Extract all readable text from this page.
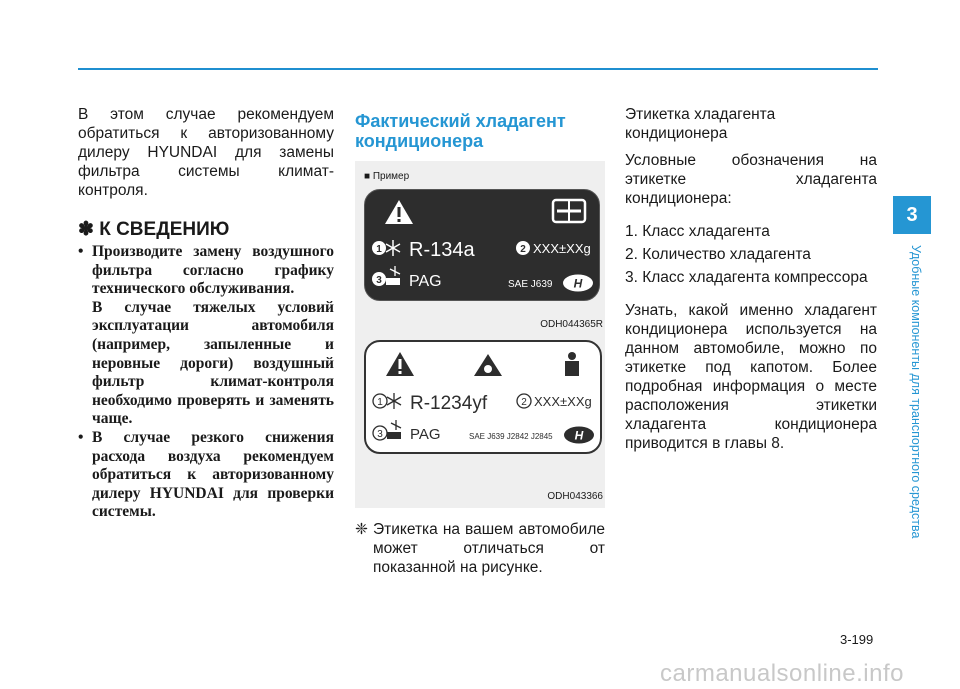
В этом случае рекомендуем обратиться к авторизованному дилеру HYUNDAI для замены фильтра системы климат-контроля.

✽ К СВЕДЕНИЮ
• Производите замену воздушного фильтра согласно графику технического обслуживания.
В случае тяжелых условий эксплуатации автомобиля (например, запыленные и неровные дороги) воздушный фильтр климат-контроля необходимо проверять и заменять чаще.
• В случае резкого снижения расхода воздуха рекомендуем обратиться к авторизованному дилеру HYUNDAI для проверки системы.
Фактический хладагент кондиционера
■ Пример
1 R-134a	2 XXX±XXg
3 PAG	SAE J639 H
ODH044365R
1 R-1234yf	2 XXX±XXg
3 PAG	SAE J639 J2842 J2845 H
ODH043366
❈ Этикетка на вашем автомобиле может отличаться от показанной на рисунке.

Этикетка хладагента кондиционера

Условные обозначения на этикетке хладагента кондиционера:

1. Класс хладагента

2. Количество хладагента

3. Класс хладагента компрессора

Узнать, какой именно хладагент кондиционера используется на данном автомобиле, можно по этикетке под капотом. Более подробная информация о месте расположения этикетки хладагента кондиционера приводится в главы 8.

3
Удобные компоненты для транспортного средства
3-199
carmanualsonline.info
